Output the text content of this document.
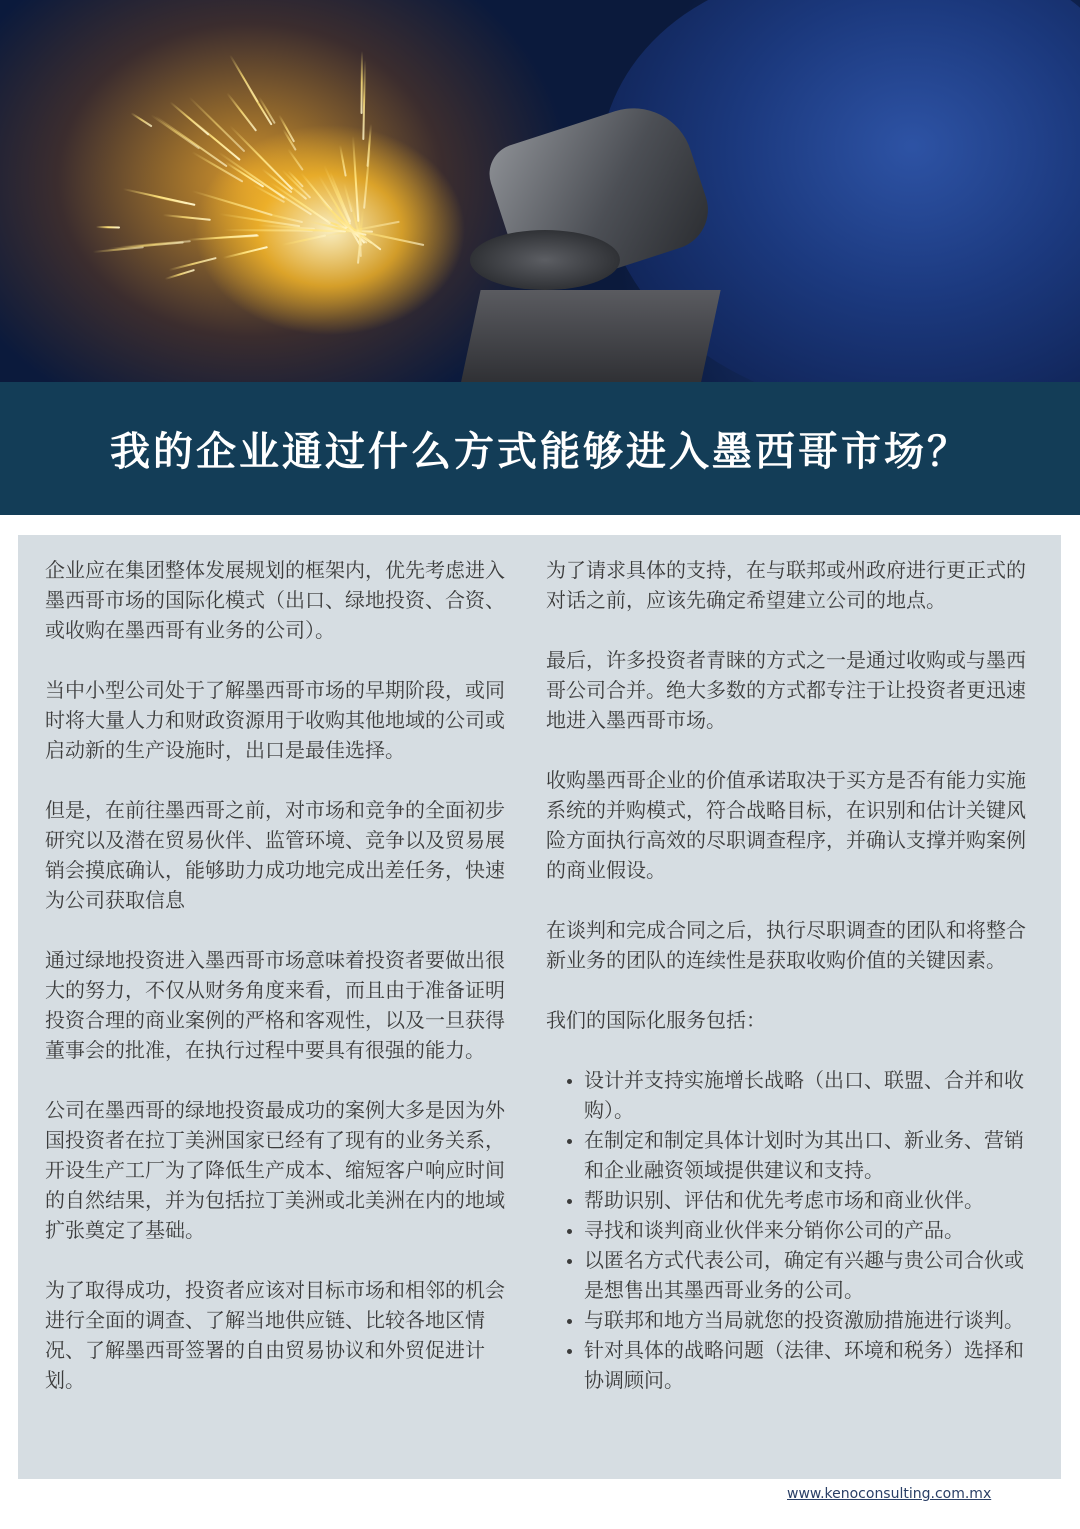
我的企业通过什么方式能够进入墨西哥市场？

企业应在集团整体发展规划的框架内，优先考虑进入墨西哥市场的国际化模式（出口、绿地投资、合资、或收购在墨西哥有业务的公司）。

当中小型公司处于了解墨西哥市场的早期阶段，或同时将大量人力和财政资源用于收购其他地域的公司或启动新的生产设施时，出口是最佳选择。

但是，在前往墨西哥之前，对市场和竞争的全面初步研究以及潜在贸易伙伴、监管环境、竞争以及贸易展销会摸底确认，能够助力成功地完成出差任务，快速为公司获取信息

通过绿地投资进入墨西哥市场意味着投资者要做出很大的努力，不仅从财务角度来看，而且由于准备证明投资合理的商业案例的严格和客观性，以及一旦获得董事会的批准，在执行过程中要具有很强的能力。

公司在墨西哥的绿地投资最成功的案例大多是因为外国投资者在拉丁美洲国家已经有了现有的业务关系，开设生产工厂为了降低生产成本、缩短客户响应时间的自然结果，并为包括拉丁美洲或北美洲在内的地域扩张奠定了基础。

为了取得成功，投资者应该对目标市场和相邻的机会进行全面的调查、了解当地供应链、比较各地区情况、了解墨西哥签署的自由贸易协议和外贸促进计划。

为了请求具体的支持，在与联邦或州政府进行更正式的对话之前，应该先确定希望建立公司的地点。

最后，许多投资者青睐的方式之一是通过收购或与墨西哥公司合并。绝大多数的方式都专注于让投资者更迅速地进入墨西哥市场。

收购墨西哥企业的价值承诺取决于买方是否有能力实施系统的并购模式，符合战略目标，在识别和估计关键风险方面执行高效的尽职调查程序，并确认支撑并购案例的商业假设。

在谈判和完成合同之后，执行尽职调查的团队和将整合新业务的团队的连续性是获取收购价值的关键因素。

我们的国际化服务包括：

• 设计并支持实施增长战略（出口、联盟、合并和收购）。
• 在制定和制定具体计划时为其出口、新业务、营销和企业融资领域提供建议和支持。
• 帮助识别、评估和优先考虑市场和商业伙伴。
• 寻找和谈判商业伙伴来分销你公司的产品。
• 以匿名方式代表公司，确定有兴趣与贵公司合伙或是想售出其墨西哥业务的公司。
• 与联邦和地方当局就您的投资激励措施进行谈判。
• 针对具体的战略问题（法律、环境和税务）选择和协调顾问。
www.kenoconsulting.com.mx
